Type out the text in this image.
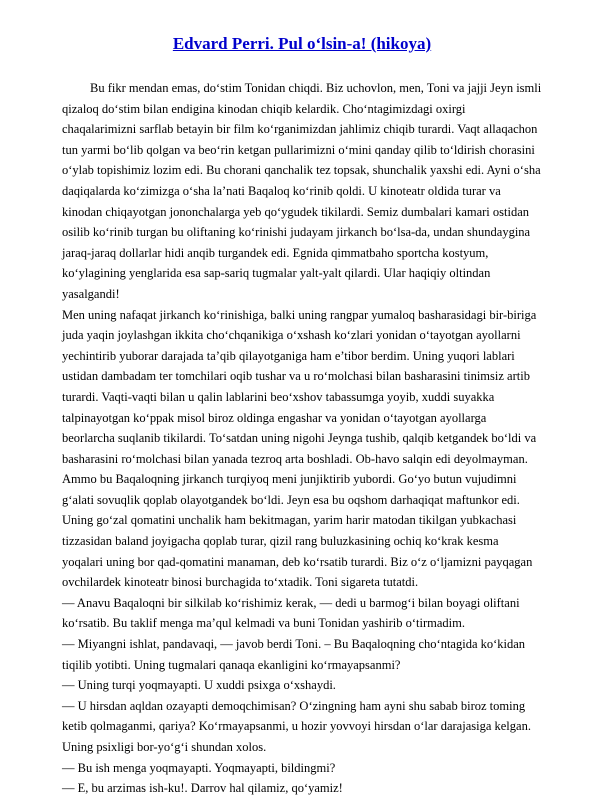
Edvard Perri. Pul o‘lsin-a! (hikoya)

Bu fikr mendan emas, do‘stim Tonidan chiqdi. Biz uchovlon, men, Toni va jajji Jeyn ismli qizaloq do‘stim bilan endigina kinodan chiqib kelardik. Cho‘ntagimizdagi oxirgi chaqalarimizni sarflab betayin bir film ko‘rganimizdan jahlimiz chiqib turardi. Vaqt allaqachon tun yarmi bo‘lib qolgan va beo‘rin ketgan pullarimizni o‘mini qanday qilib to‘ldirish chorasini o‘ylab topishimiz lozim edi. Bu chorani qanchalik tez topsak, shunchalik yaxshi edi. Ayni o‘sha daqiqalarda ko‘zimizga o‘sha la’nati Baqaloq ko‘rinib qoldi. U kinoteatr oldida turar va kinodan chiqayotgan jononchalarga yeb qo‘ygudek tikilardi. Semiz dumbalari kamari ostidan osilib ko‘rinib turgan bu oliftaning ko‘rinishi judayam jirkanch bo‘lsa-da, undan shundaygina jaraq-jaraq dollarlar hidi anqib turgandek edi. Egnida qimmatbaho sportcha kostyum, ko‘ylagining yenglarida esa sap-sariq tugmalar yalt-yalt qilardi. Ular haqiqiy oltindan yasalgandi!

Men uning nafaqat jirkanch ko‘rinishiga, balki uning rangpar yumaloq basharasidagi bir-biriga juda yaqin joylashgan ikkita cho‘chqanikiga o‘xshash ko‘zlari yonidan o‘tayotgan ayollarni yechintirib yuborar darajada ta’qib qilayotganiga ham e’tibor berdim. Uning yuqori lablari ustidan dambadam ter tomchilari oqib tushar va u ro‘molchasi bilan basharasini tinimsiz artib turardi. Vaqti-vaqti bilan u qalin lablarini beo‘xshov tabassumga yoyib, xuddi suyakka talpinayotgan ko‘ppak misol biroz oldinga engashar va yonidan o‘tayotgan ayollarga beorlarcha suqlanib tikilardi. To‘satdan uning nigohi Jeynga tushib, qalqib ketgandek bo‘ldi va basharasini ro‘molchasi bilan yanada tezroq arta boshladi. Ob-havo salqin edi deyolmayman. Ammo bu Baqaloqning jirkanch turqiyoq meni junjiktirib yubordi. Go‘yo butun vujudimni g‘alati sovuqlik qoplab olayotgandek bo‘ldi. Jeyn esa bu oqshom darhaqiqat maftunkor edi. Uning go‘zal qomatini unchalik ham bekitmagan, yarim harir matodan tikilgan yubkachasi tizzasidan baland joyigacha qoplab turar, qizil rang buluzkasining ochiq ko‘krak kesma yoqalari uning bor qad-qomatini manaman, deb ko‘rsatib turardi. Biz o‘z o‘ljamizni payqagan ovchilardek kinoteatr binosi burchagida to‘xtadik. Toni sigareta tutatdi.

— Anavu Baqaloqni bir silkilab ko‘rishimiz kerak, — dedi u barmog‘i bilan boyagi oliftani ko‘rsatib. Bu taklif menga ma’qul kelmadi va buni Tonidan yashirib o‘tirmadim.

— Miyangni ishlat, pandavaqi, — javob berdi Toni. – Bu Baqaloqning cho‘ntagida ko‘kidan tiqilib yotibti. Uning tugmalari qanaqa ekanligini ko‘rmayapsanmi?

— Uning turqi yoqmayapti. U xuddi psixga o‘xshaydi.

— U hirsdan aqldan ozayapti demoqchimisan? O‘zingning ham ayni shu sabab biroz toming ketib qolmaganmi, qariya? Ko‘rmayapsanmi, u hozir yovvoyi hirsdan o‘lar darajasiga kelgan. Uning psixligi bor-yo‘g‘i shundan xolos.

— Bu ish menga yoqmayapti. Yoqmayapti, bildingmi?

— E, bu arzimas ish-ku!. Darrov hal qilamiz, qo‘yamiz!
